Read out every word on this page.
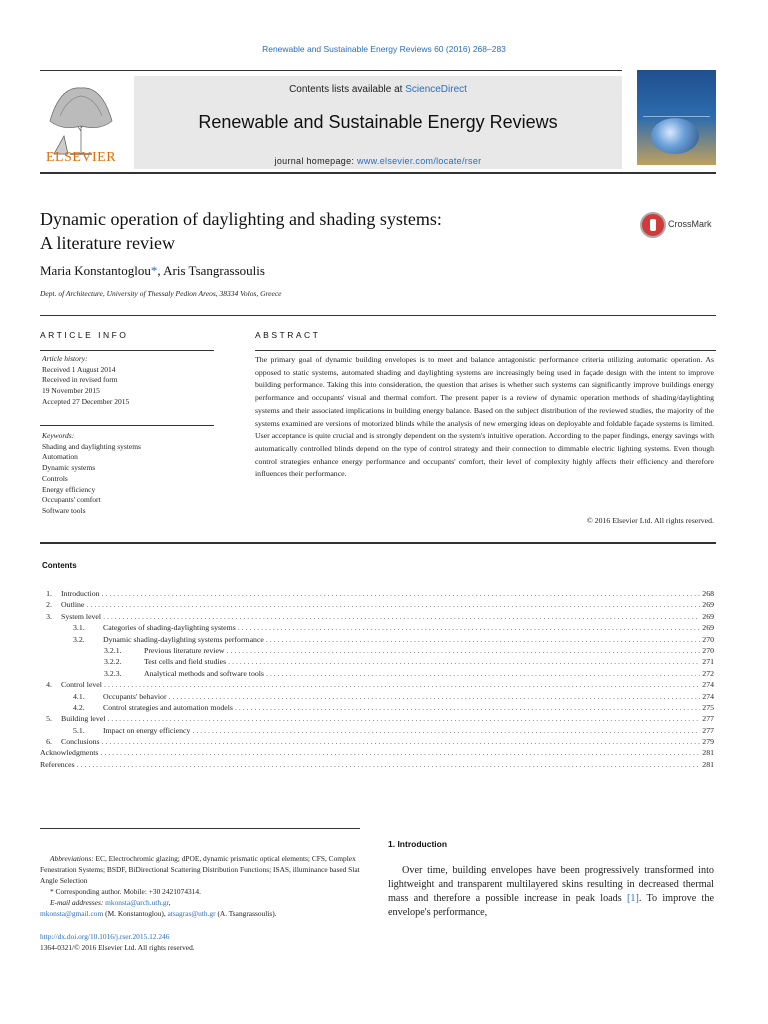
Renewable and Sustainable Energy Reviews 60 (2016) 268–283
Contents lists available at ScienceDirect
Renewable and Sustainable Energy Reviews
journal homepage: www.elsevier.com/locate/rser
ELSEVIER
Dynamic operation of daylighting and shading systems:
A literature review
CrossMark
Maria Konstantoglou*, Aris Tsangrassoulis
Dept. of Architecture, University of Thessaly Pedion Areos, 38334 Volos, Greece
ARTICLE INFO	ABSTRACT
Article history:
Received 1 August 2014
Received in revised form
19 November 2015
Accepted 27 December 2015
Keywords:
Shading and daylighting systems
Automation
Dynamic systems
Controls
Energy efficiency
Occupants' comfort
Software tools
The primary goal of dynamic building envelopes is to meet and balance antagonistic performance criteria utilizing automatic operation. As opposed to static systems, automated shading and daylighting systems are increasingly being used in façade design with the intent to improve building performance. Taking this into consideration, the question that arises is whether such systems can significantly improve buildings energy performance and occupants' visual and thermal comfort. The present paper is a review of dynamic operation methods of shading/daylighting systems and their associated implications in building energy balance. Based on the subject distribution of the reviewed studies, the majority of the systems examined are versions of motorized blinds while the analysis of new emerging ideas on deployable and foldable façade systems is limited. User acceptance is quite crucial and is strongly dependent on the system's intuitive operation. According to the paper findings, energy savings with automatically controlled blinds depend on the type of control strategy and their connection to dimmable electric lighting systems. Even though control strategies enhance energy performance and occupants' comfort, their level of complexity highly affects their efficiency and therefore influences their performance.
© 2016 Elsevier Ltd. All rights reserved.
Contents
1. Introduction . . .	268
2. Outline . . .	269
3. System level . . .	269
3.1. Categories of shading-daylighting systems . . .	269
3.2. Dynamic shading-daylighting systems performance . . .	270
3.2.1.	Previous literature review . . .	270
3.2.2.	Test cells and field studies . . .	271
3.2.3.	Analytical methods and software tools . . .	272
4. Control level . . .	274
4.1. Occupants' behavior . . .	274
4.2. Control strategies and automation models . . .	275
5. Building level . . .	277
5.1. Impact on energy efficiency . . .	277
6. Conclusions . . .	279
Acknowledgments . . .	281
References . . .	281

Abbreviations: EC, Electrochromic glazing; dPOE, dynamic prismatic optical elements; CFS, Complex Fenestration Systems; BSDF, BiDirectional Scattering Distribution Functions; ISAS, illuminance based Slat Angle Selection

* Corresponding author. Mobile: +30 2421074314.

E-mail addresses: mkonsta@arch.uth.gr,

mkonsta@gmail.com (M. Konstantoglou), atsagras@uth.gr (A. Tsangrassoulis).

http://dx.doi.org/10.1016/j.rser.2015.12.246
1364-0321/© 2016 Elsevier Ltd. All rights reserved.
1. Introduction
Over time, building envelopes have been progressively transformed into lightweight and transparent multilayered skins resulting in decreased thermal mass and therefore a possible increase in peak loads [1]. To improve the envelope's performance,
